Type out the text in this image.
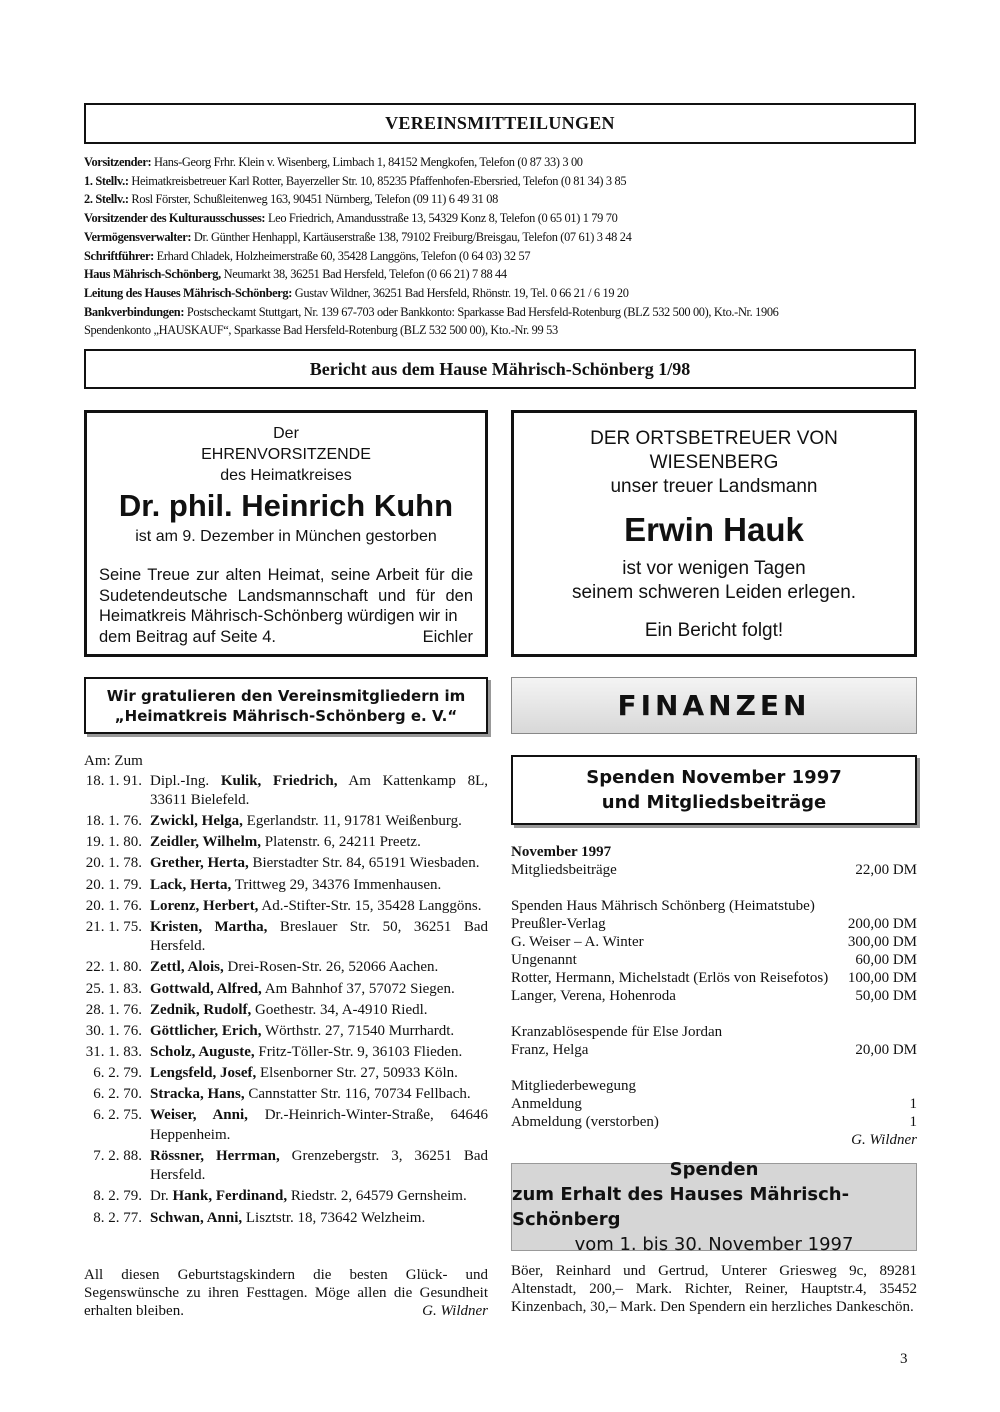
VEREINSMITTEILUNGEN
Vorsitzender: Hans-Georg Frhr. Klein v. Wisenberg, Limbach 1, 84152 Mengkofen, Telefon (0 87 33) 3 00
1. Stellv.: Heimatkreisbetreuer Karl Rotter, Bayerzeller Str. 10, 85235 Pfaffenhofen-Ebersried, Telefon (0 81 34) 3 85
2. Stellv.: Rosl Förster, Schußleitenweg 163, 90451 Nürnberg, Telefon (09 11) 6 49 31 08
Vorsitzender des Kulturausschusses: Leo Friedrich, Amandusstraße 13, 54329 Konz 8, Telefon (0 65 01) 1 79 70
Vermögensverwalter: Dr. Günther Henhappl, Kartäuserstraße 138, 79102 Freiburg/Breisgau, Telefon (07 61) 3 48 24
Schriftführer: Erhard Chladek, Holzheimerstraße 60, 35428 Langgöns, Telefon (0 64 03) 32 57
Haus Mährisch-Schönberg, Neumarkt 38, 36251 Bad Hersfeld, Telefon (0 66 21) 7 88 44
Leitung des Hauses Mährisch-Schönberg: Gustav Wildner, 36251 Bad Hersfeld, Rhönstr. 19, Tel. 0 66 21 / 6 19 20
Bankverbindungen: Postscheckamt Stuttgart, Nr. 139 67-703 oder Bankkonto: Sparkasse Bad Hersfeld-Rotenburg (BLZ 532 500 00), Kto.-Nr. 1906
Spendenkonto „HAUSKAUF“, Sparkasse Bad Hersfeld-Rotenburg (BLZ 532 500 00), Kto.-Nr. 99 53
Bericht aus dem Hause Mährisch-Schönberg 1/98
Der
EHRENVORSITZENDE
des Heimatkreises
Dr. phil. Heinrich Kuhn
ist am 9. Dezember in München gestorben
Seine Treue zur alten Heimat, seine Arbeit für die Sudetendeutsche Landsmannschaft und für den Heimatkreis Mährisch-Schönberg würdigen wir in
dem Beitrag auf Seite 4.	Eichler
DER ORTSBETREUER VON
WIESENBERG
unser treuer Landsmann
Erwin Hauk
ist vor wenigen Tagen
seinem schweren Leiden erlegen.
Ein Bericht folgt!
Wir gratulieren den Vereinsmitgliedern im
„Heimatkreis Mährisch-Schönberg e. V.“	FINANZEN
Am: Zum
18. 1. 91. Dipl.-Ing. Kulik, Friedrich, Am Kattenkamp 8L, 33611 Bielefeld.
18. 1. 76. Zwickl, Helga, Egerlandstr. 11, 91781 Weißenburg.
19. 1. 80. Zeidler, Wilhelm, Platenstr. 6, 24211 Preetz.
20. 1. 78. Grether, Herta, Bierstadter Str. 84, 65191 Wiesbaden.
20. 1. 79. Lack, Herta, Trittweg 29, 34376 Immenhausen.
20. 1. 76. Lorenz, Herbert, Ad.-Stifter-Str. 15, 35428 Langgöns.
21. 1. 75. Kristen, Martha, Breslauer Str. 50, 36251 Bad Hersfeld.
22. 1. 80. Zettl, Alois, Drei-Rosen-Str. 26, 52066 Aachen.
25. 1. 83. Gottwald, Alfred, Am Bahnhof 37, 57072 Siegen.
28. 1. 76. Zednik, Rudolf, Goethestr. 34, A-4910 Riedl.
30. 1. 76. Göttlicher, Erich, Wörthstr. 27, 71540 Murrhardt.
31. 1. 83. Scholz, Auguste, Fritz-Töller-Str. 9, 36103 Flieden.
6. 2. 79. Lengsfeld, Josef, Elsenborner Str. 27, 50933 Köln.
6. 2. 70. Stracka, Hans, Cannstatter Str. 116, 70734 Fellbach.
6. 2. 75. Weiser, Anni, Dr.-Heinrich-Winter-Straße, 64646 Heppenheim.
7. 2. 88. Rössner, Herrman, Grenzebergstr. 3, 36251 Bad Hersfeld.
8. 2. 79. Dr. Hank, Ferdinand, Riedstr. 2, 64579 Gernsheim.
8. 2. 77. Schwan, Anni, Lisztstr. 18, 73642 Welzheim.
All diesen Geburtstagskindern die besten Glück- und Segenswünsche zu ihren Festtagen. Möge allen die Gesundheit erhalten bleiben.	G. Wildner
Spenden November 1997
und Mitgliedsbeiträge
November 1997
Mitgliedsbeiträge	22,00 DM
Spenden Haus Mährisch Schönberg (Heimatstube)
Preußler-Verlag	200,00 DM
G. Weiser – A. Winter	300,00 DM
Ungenannt	60,00 DM
Rotter, Hermann, Michelstadt (Erlös von Reisefotos) 100,00 DM
Langer, Verena, Hohenroda	50,00 DM
Kranzablösespende für Else Jordan
Franz, Helga	20,00 DM
Mitgliederbewegung
Anmeldung	1
Abmeldung (verstorben)	1
G. Wildner
Spenden
zum Erhalt des Hauses Mährisch-Schönberg
vom 1. bis 30. November 1997
Böer, Reinhard und Gertrud, Unterer Griesweg 9c, 89281 Altenstadt, 200,– Mark. Richter, Reiner, Hauptstr.4, 35452 Kinzenbach, 30,– Mark. Den Spendern ein herzliches Dankeschön.
3
